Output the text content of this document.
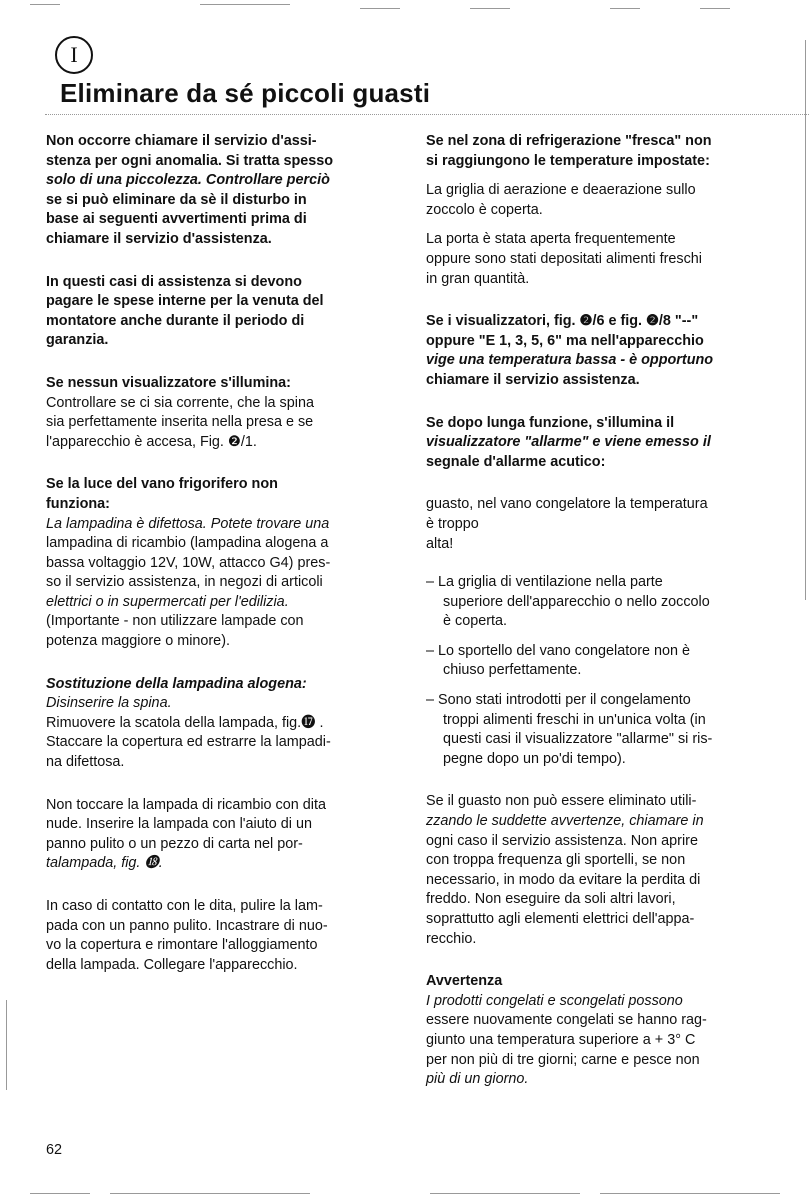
I
Eliminare da sé piccoli guasti

Non occorre chiamare il servizio d'assi-

stenza per ogni anomalia. Si tratta spesso

solo di una piccolezza. Controllare perciò

se si può eliminare da sè il disturbo in

base ai seguenti avvertimenti prima di

chiamare il servizio d'assistenza.

In questi casi di assistenza si devono

pagare le spese interne per la venuta del

montatore anche durante il periodo di

garanzia.

Se nessun visualizzatore s'illumina:

Controllare se ci sia corrente, che la spina

sia perfettamente inserita nella presa e se

l'apparecchio è accesa, Fig. ❷/1.

Se la luce del vano frigorifero non

funziona:

La lampadina è difettosa. Potete trovare una

lampadina di ricambio (lampadina alogena a

bassa voltaggio 12V, 10W, attacco G4) pres-

so il servizio assistenza, in negozi di articoli

elettrici o in supermercati per l'edilizia.

(Importante - non utilizzare lampade con

potenza maggiore o minore).

Sostituzione della lampadina alogena:

Disinserire la spina.

Rimuovere la scatola della lampada, fig.⓱ .

Staccare la copertura ed estrarre la lampadi-

na difettosa.

Non toccare la lampada di ricambio con dita

nude. Inserire la lampada con l'aiuto di un

panno pulito o un pezzo di carta nel por-

talampada, fig. ⓲.

In caso di contatto con le dita, pulire la lam-

pada con un panno pulito. Incastrare di nuo-

vo la copertura e rimontare l'alloggiamento

della lampada. Collegare l'apparecchio.

Se nel zona di refrigerazione "fresca" non

si raggiungono le temperature impostate:

La griglia di aerazione e deaerazione sullo

zoccolo è coperta.

La porta è stata aperta frequentemente

oppure sono stati depositati alimenti freschi

in gran quantità.

Se i visualizzatori, fig. ❷/6 e fig. ❷/8 "--"

oppure "E 1, 3, 5, 6" ma nell'apparecchio

vige una temperatura bassa - è opportuno

chiamare il servizio assistenza.

Se dopo lunga funzione, s'illumina il

visualizzatore "allarme" e viene emesso il

segnale d'allarme acutico:

guasto, nel vano congelatore la temperatura

è troppo

alta!

– La griglia di ventilazione nella parte

superiore dell'apparecchio o nello zoccolo

è coperta.

– Lo sportello del vano congelatore non è

chiuso perfettamente.

– Sono stati introdotti per il congelamento

troppi alimenti freschi in un'unica volta (in

questi casi il visualizzatore "allarme" si ris-

pegne dopo un po'di tempo).

Se il guasto non può essere eliminato utili-

zzando le suddette avvertenze, chiamare in

ogni caso il servizio assistenza. Non aprire

con troppa frequenza gli sportelli, se non

necessario, in modo da evitare la perdita di

freddo. Non eseguire da soli altri lavori,

soprattutto agli elementi elettrici dell'appa-

recchio.

Avvertenza

I prodotti congelati e scongelati possono

essere nuovamente congelati se hanno rag-

giunto una temperatura superiore a + 3° C

per non più di tre giorni; carne e pesce non

più di un giorno.

62
